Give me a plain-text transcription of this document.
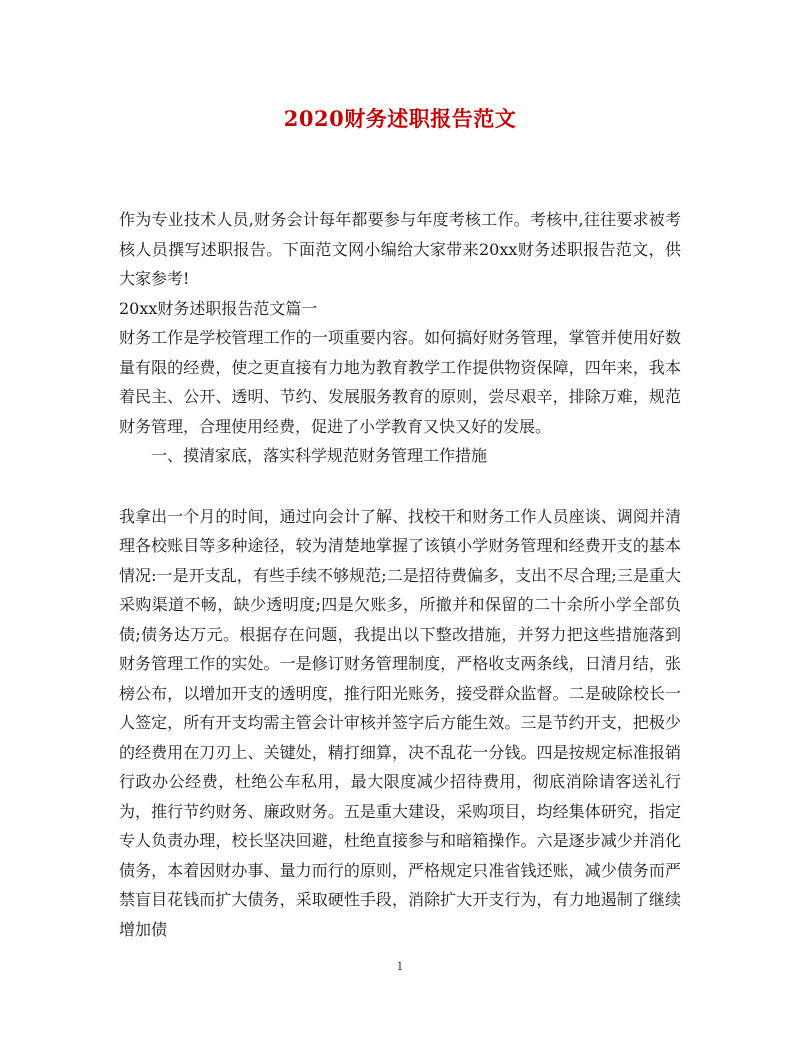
2020财务述职报告范文

作为专业技术人员,财务会计每年都要参与年度考核工作。考核中,往往要求被考核人员撰写述职报告。下面范文网小编给大家带来20xx财务述职报告范文，供大家参考!

20xx财务述职报告范文篇一

财务工作是学校管理工作的一项重要内容。如何搞好财务管理，掌管并使用好数量有限的经费，使之更直接有力地为教育教学工作提供物资保障，四年来，我本着民主、公开、透明、节约、发展服务教育的原则，尝尽艰辛，排除万难，规范财务管理，合理使用经费，促进了小学教育又快又好的发展。

一、摸清家底，落实科学规范财务管理工作措施

我拿出一个月的时间，通过向会计了解、找校干和财务工作人员座谈、调阅并清理各校账目等多种途径，较为清楚地掌握了该镇小学财务管理和经费开支的基本情况:一是开支乱，有些手续不够规范;二是招待费偏多，支出不尽合理;三是重大采购渠道不畅，缺少透明度;四是欠账多，所撤并和保留的二十余所小学全部负债;债务达万元。根据存在问题，我提出以下整改措施，并努力把这些措施落到财务管理工作的实处。一是修订财务管理制度，严格收支两条线，日清月结，张榜公布，以增加开支的透明度，推行阳光账务，接受群众监督。二是破除校长一人签定，所有开支均需主管会计审核并签字后方能生效。三是节约开支，把极少的经费用在刀刃上、关键处，精打细算，决不乱花一分钱。四是按规定标准报销行政办公经费，杜绝公车私用，最大限度减少招待费用，彻底消除请客送礼行为，推行节约财务、廉政财务。五是重大建设，采购项目，均经集体研究，指定专人负责办理，校长坚决回避，杜绝直接参与和暗箱操作。六是逐步减少并消化债务，本着因财办事、量力而行的原则，严格规定只准省钱还账，减少债务而严禁盲目花钱而扩大债务，采取硬性手段，消除扩大开支行为，有力地遏制了继续增加债

1
